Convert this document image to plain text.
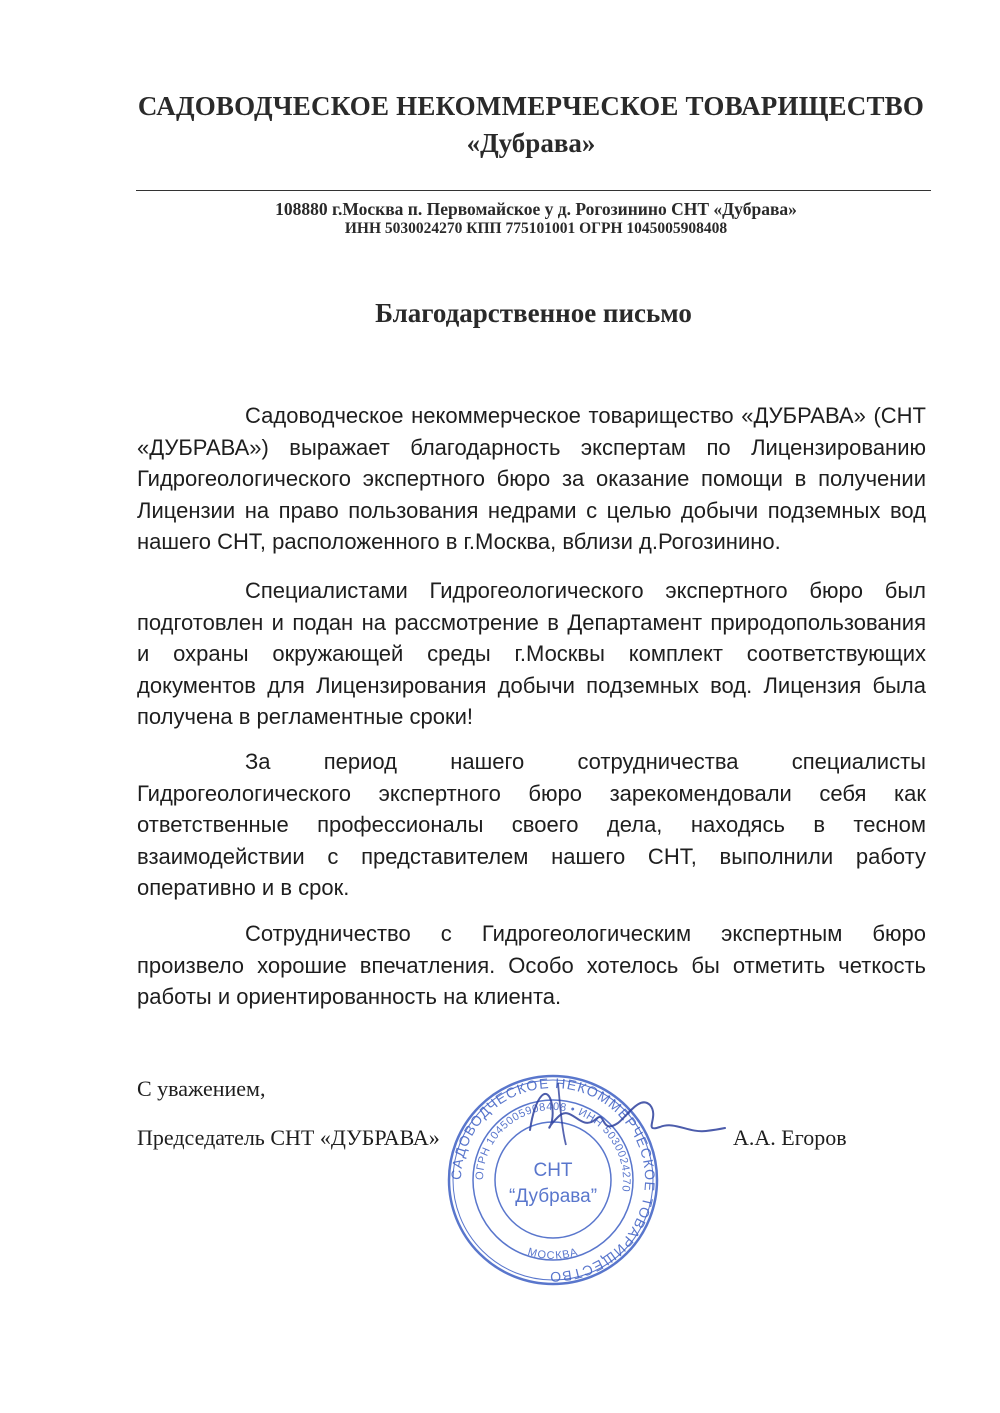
САДОВОДЧЕСКОЕ НЕКОММЕРЧЕСКОЕ ТОВАРИЩЕСТВО
«Дубрава»
108880 г.Москва п. Первомайское у д. Рогозинино СНТ «Дубрава»
ИНН 5030024270 КПП 775101001 ОГРН 1045005908408
Благодарственное письмо

Садоводческое некоммерческое товарищество «ДУБРАВА» (СНТ «ДУБРАВА») выражает благодарность экспертам по Лицензированию Гидрогеологического экспертного бюро за оказание помощи в получении Лицензии на право пользования недрами с целью добычи подземных вод нашего СНТ, расположенного в г.Москва, вблизи д.Рогозинино.

Специалистами Гидрогеологического экспертного бюро был подготовлен и подан на рассмотрение в Департамент природопользования и охраны окружающей среды г.Москвы комплект соответствующих документов для Лицензирования добычи подземных вод. Лицензия была получена в регламентные сроки!

За период нашего сотрудничества специалисты Гидрогеологического экспертного бюро зарекомендовали себя как ответственные профессионалы своего дела, находясь в тесном взаимодействии с представителем нашего СНТ, выполнили работу оперативно и в срок.

Сотрудничество с Гидрогеологическим экспертным бюро произвело хорошие впечатления. Особо хотелось бы отметить четкость работы и ориентированность на клиента.

С уважением,
Председатель СНТ «ДУБРАВА»	А.А. Егоров
САДОВОДЧЕСКОЕ НЕКОММЕРЧЕСКОЕ ТОВАРИЩЕСТВО
ОГРН 1045005908408 • ИНН 5030024270
МОСКВА
СНТ
“Дубрава”
